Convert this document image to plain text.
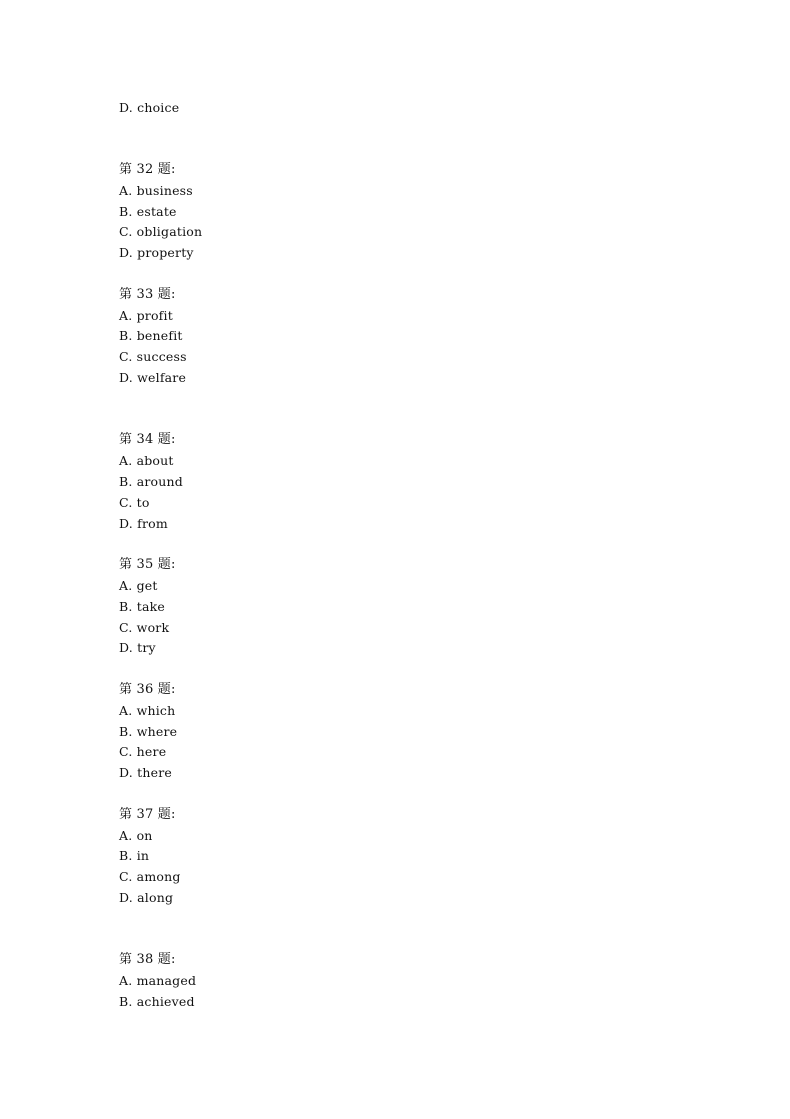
D. choice
第 32 题:
A. business
B. estate
C. obligation
D. property
第 33 题:
A. profit
B. benefit
C. success
D. welfare
第 34 题:
A. about
B. around
C. to
D. from
第 35 题:
A. get
B. take
C. work
D. try
第 36 题:
A. which
B. where
C. here
D. there
第 37 题:
A. on
B. in
C. among
D. along
第 38 题:
A. managed
B. achieved
